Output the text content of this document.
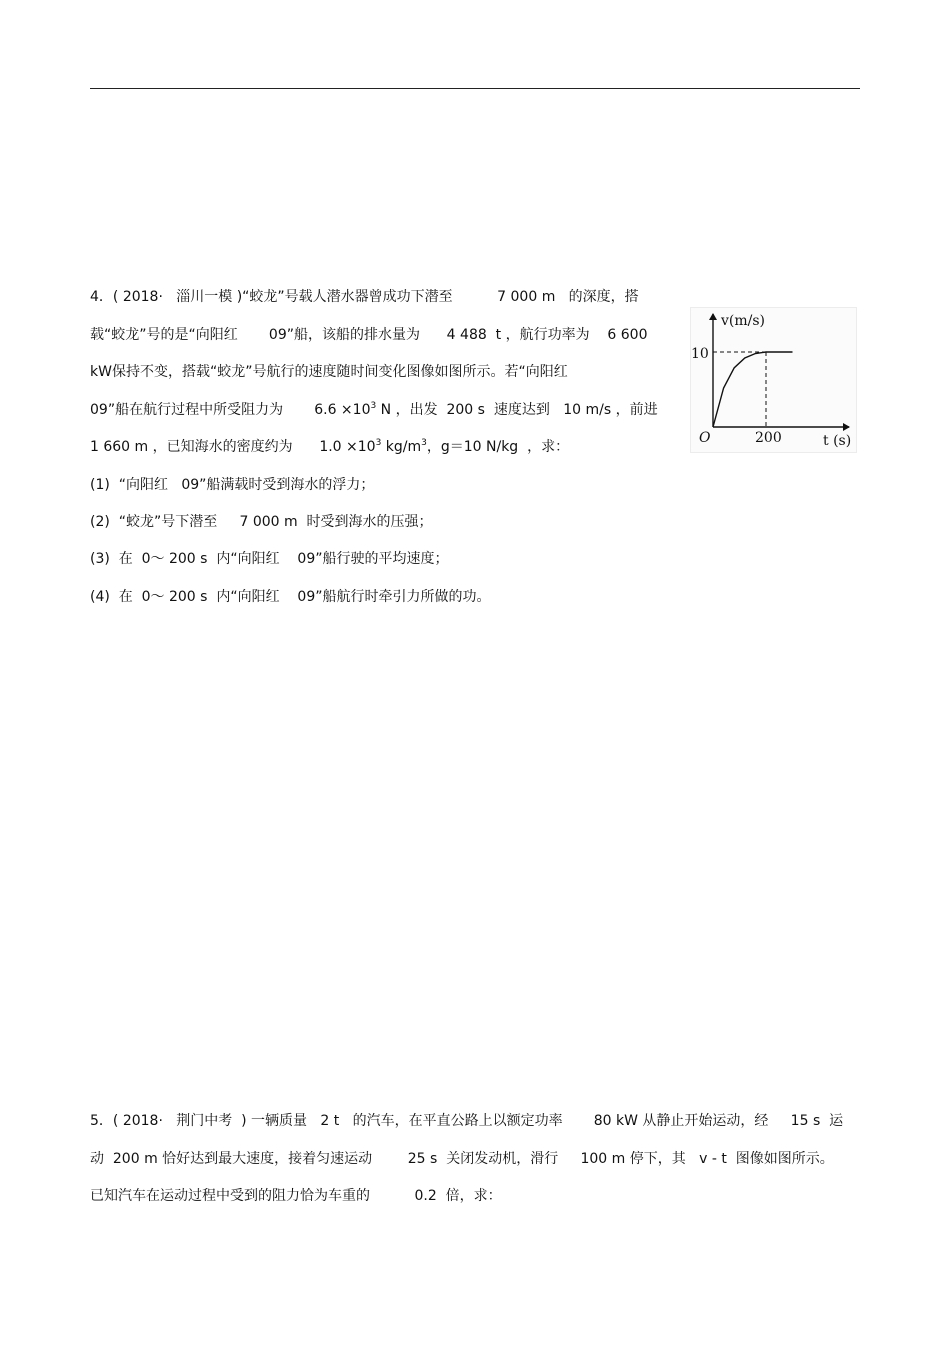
4．( 2018·   淄川一模 )“蛟龙”号载人潜水器曾成功下潜至          7 000 m   的深度，搭
载“蛟龙”号的是“向阳红       09”船，该船的排水量为      4 488  t ，航行功率为    6 600
kW保持不变，搭载“蛟龙”号航行的速度随时间变化图像如图所示。若“向阳红
09”船在航行过程中所受阻力为       $6.6 \times 10^3$ N ，出发  200 s  速度达到   10 m/s ，前进
1 660 m ，已知海水的密度约为      $1.0 \times 10^3$ $kg/m^3$，g＝10 N/kg  ，求：
(1)  “向阳红   09”船满载时受到海水的浮力；
(2)  “蛟龙”号下潜至     7 000 m  时受到海水的压强；
(3)  在  0～ 200 s  内“向阳红    09”船行驶的平均速度；
(4)  在  0～ 200 s  内“向阳红    09”船航行时牵引力所做的功。
v(m/s)
10
O	200	t (s)
5．( 2018·   荆门中考  ) 一辆质量   2 t   的汽车，在平直公路上以额定功率       80 kW 从静止开始运动，经     15 s  运
动  200 m 恰好达到最大速度，接着匀速运动        25 s  关闭发动机，滑行     100 m 停下，其   v - t  图像如图所示。
已知汽车在运动过程中受到的阻力恰为车重的          0.2  倍，求：
